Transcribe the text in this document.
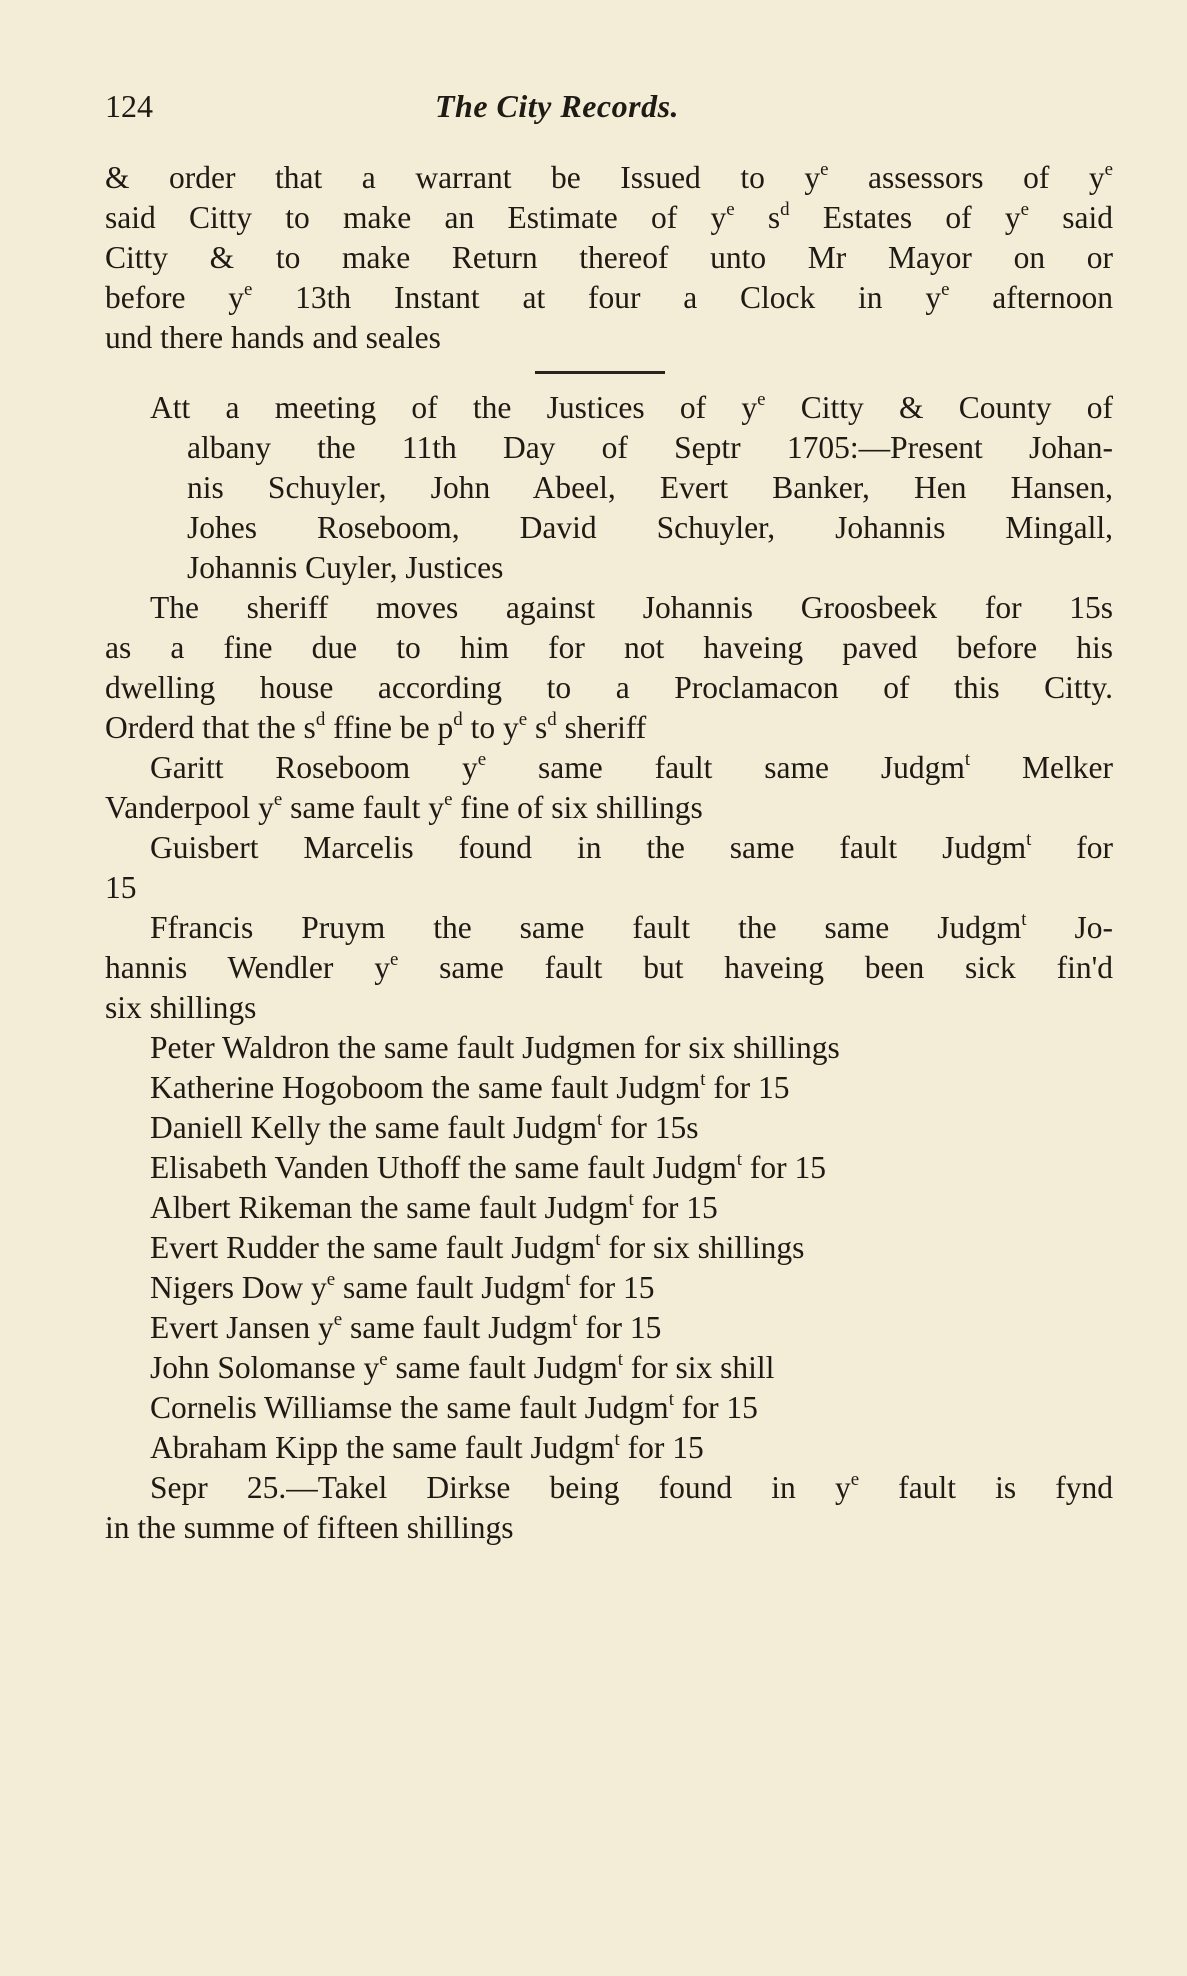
124	The City Records.
& order that a warrant be Issued to $y^e$ assessors of $y^e$
said Citty to make an Estimate of $y^e$ $s^d$ Estates of $y^e$ said
Citty & to make Return thereof unto Mr Mayor on or
before $y^e$ 13th Instant at four a Clock in $y^e$ afternoon
und there hands and seales
Att a meeting of the Justices of $y^e$ Citty & County of
albany the 11th Day of Septr 1705:—Present Johan-
nis Schuyler, John Abeel, Evert Banker, Hen Hansen,
Johes Roseboom, David Schuyler, Johannis Mingall,
Johannis Cuyler, Justices
The sheriff moves against Johannis Groosbeek for 15s
as a fine due to him for not haveing paved before his
dwelling house according to a Proclamacon of this Citty.
Orderd that the $s^d$ ffine be $p^d$ to $y^e$ $s^d$ sheriff
Garitt Roseboom $y^e$ same fault same Judgm$^t$ Melker
Vanderpool $y^e$ same fault $y^e$ fine of six shillings
Guisbert Marcelis found in the same fault Judgm$^t$ for
15
Ffrancis Pruym the same fault the same Judgm$^t$ Jo-
hannis Wendler $y^e$ same fault but haveing been sick fin'd
six shillings
Peter Waldron the same fault Judgmen for six shillings
Katherine Hogoboom the same fault Judgm$^t$ for 15
Daniell Kelly the same fault Judgm$^t$ for 15s
Elisabeth Vanden Uthoff the same fault Judgm$^t$ for 15
Albert Rikeman the same fault Judgm$^t$ for 15
Evert Rudder the same fault Judgm$^t$ for six shillings
Nigers Dow $y^e$ same fault Judgm$^t$ for 15
Evert Jansen $y^e$ same fault Judgm$^t$ for 15
John Solomanse $y^e$ same fault Judgm$^t$ for six shill
Cornelis Williamse the same fault Judgm$^t$ for 15
Abraham Kipp the same fault Judgm$^t$ for 15
Sepr 25.—Takel Dirkse being found in $y^e$ fault is fynd
in the summe of fifteen shillings
